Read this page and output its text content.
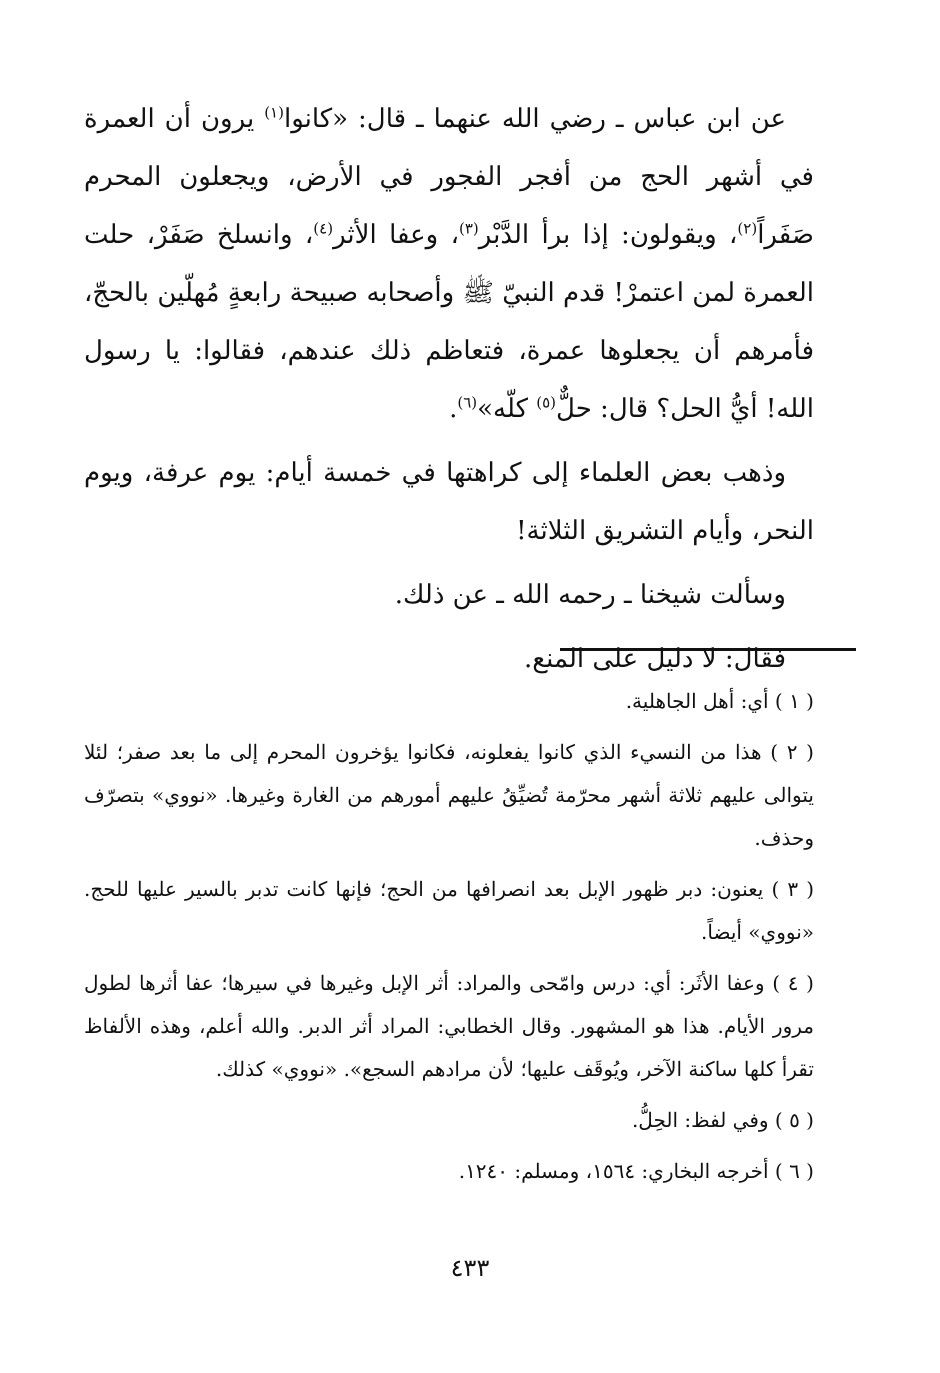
عن ابن عباس ـ رضي الله عنهما ـ قال: «كانوا$^{(١)}$ يرون أن العمرة في أشهر الحج من أفجر الفجور في الأرض، ويجعلون المحرم صَفَراً$^{(٢)}$، ويقولون: إذا برأ الدَّبْر$^{(٣)}$، وعفا الأثر$^{(٤)}$، وانسلخ صَفَرْ، حلت العمرة لمن اعتمرْ! قدم النبيّ ﷺ وأصحابه صبيحة رابعةٍ مُهلّين بالحجّ، فأمرهم أن يجعلوها عمرة، فتعاظم ذلك عندهم، فقالوا: يا رسول الله! أيُّ الحل؟ قال: حلٌّ$^{(٥)}$ كلّه»$^{(٦)}$.

وذهب بعض العلماء إلى كراهتها في خمسة أيام: يوم عرفة، ويوم النحر، وأيام التشريق الثلاثة!

وسألت شيخنا ـ رحمه الله ـ عن ذلك.

فقال: لا دليل على المنع.

( ١ ) أي: أهل الجاهلية.

( ٢ ) هذا من النسيء الذي كانوا يفعلونه، فكانوا يؤخرون المحرم إلى ما بعد صفر؛ لئلا يتوالى عليهم ثلاثة أشهر محرّمة تُضيِّقُ عليهم أمورهم من الغارة وغيرها. «نووي» بتصرّف وحذف.

( ٣ ) يعنون: دبر ظهور الإبل بعد انصرافها من الحج؛ فإنها كانت تدبر بالسير عليها للحج. «نووي» أيضاً.

( ٤ ) وعفا الأثَر: أي: درس وامّحى والمراد: أثر الإبل وغيرها في سيرها؛ عفا أثرها لطول مرور الأيام. هذا هو المشهور. وقال الخطابي: المراد أثر الدبر. والله أعلم، وهذه الألفاظ تقرأ كلها ساكنة الآخر، ويُوقَف عليها؛ لأن مرادهم السجع». «نووي» كذلك.

( ٥ ) وفي لفظ: الحِلُّ.

( ٦ ) أخرجه البخاري: ١٥٦٤، ومسلم: ١٢٤٠.

٤٣٣
